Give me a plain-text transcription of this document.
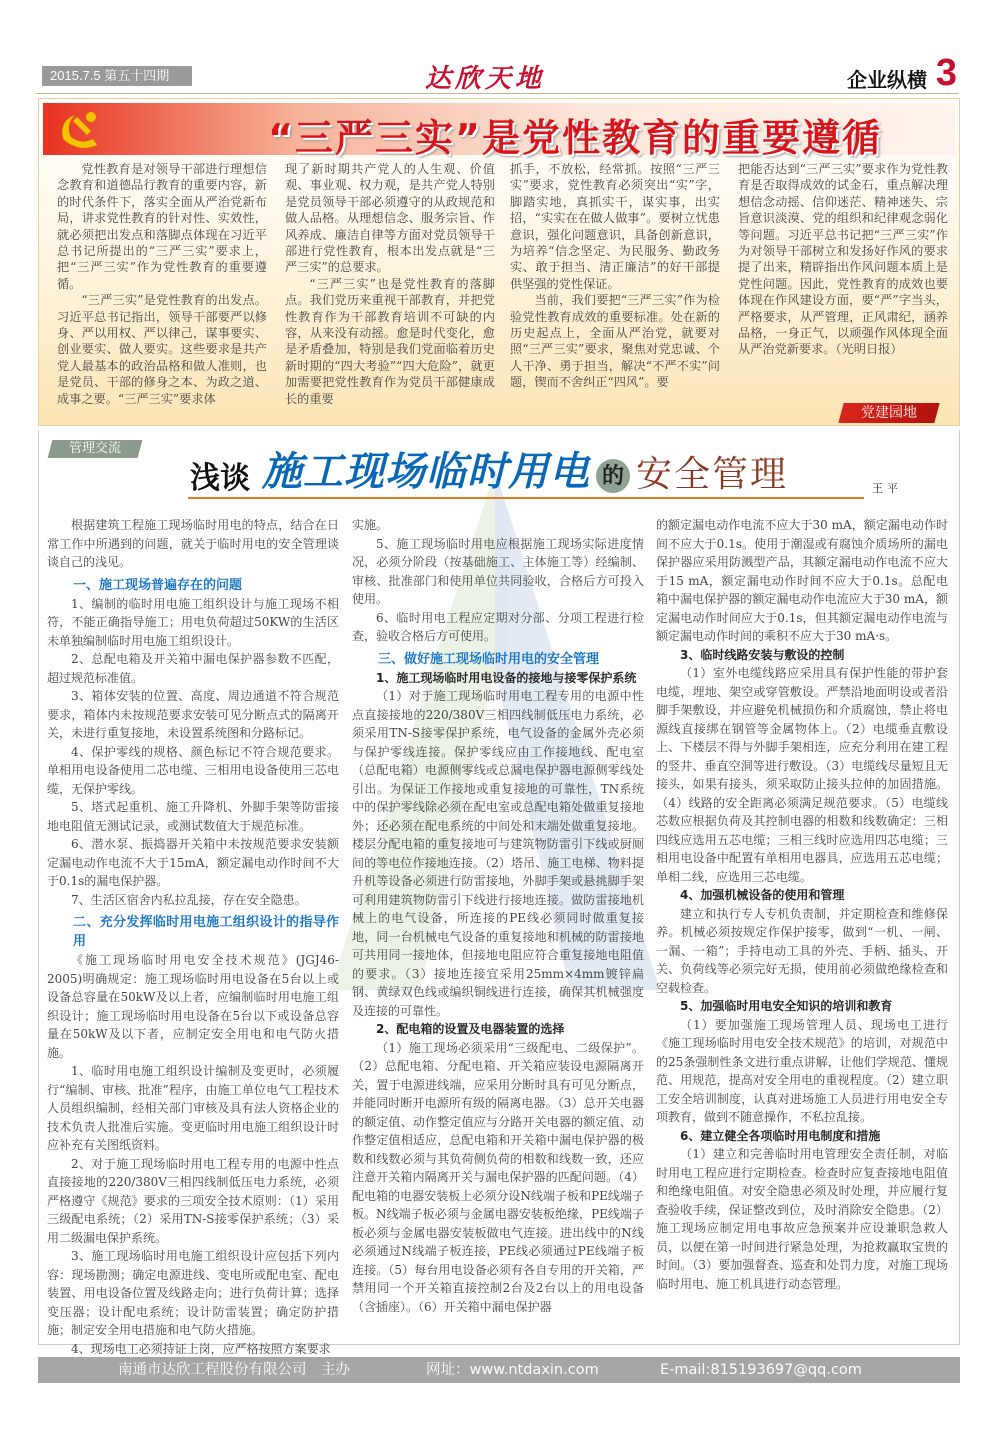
2015.7.5 第五十四期	达欣天地	企业纵横 3
“三严三实”是党性教育的重要遵循

党性教育是对领导干部进行理想信念教育和道德品行教育的重要内容，新的时代条件下，落实全面从严治党新布局，讲求党性教育的针对性、实效性，就必须把出发点和落脚点体现在习近平总书记所提出的“三严三实”要求上，把“三严三实”作为党性教育的重要遵循。

“三严三实”是党性教育的出发点。习近平总书记指出，领导干部要严以修身、严以用权、严以律己，谋事要实、创业要实、做人要实。这些要求是共产党人最基本的政治品格和做人准则，也是党员、干部的修身之本、为政之道、成事之要。“三严三实”要求体

现了新时期共产党人的人生观、价值观、事业观、权力观，是共产党人特别是党员领导干部必须遵守的从政规范和做人品格。从理想信念、服务宗旨、作风养成、廉洁自律等方面对党员领导干部进行党性教育，根本出发点就是“三严三实”的总要求。

“三严三实”也是党性教育的落脚点。我们党历来重视干部教育，并把党性教育作为干部教育培训不可缺的内容，从来没有动摇。愈是时代变化，愈是矛盾叠加，特别是我们党面临着历史新时期的“四大考验”“四大危险”，就更加需要把党性教育作为党员干部健康成长的重要

抓手，不放松，经常抓。按照“三严三实”要求，党性教育必须突出“实”字，脚踏实地，真抓实干，谋实事，出实招，“实实在在做人做事”。要树立忧患意识，强化问题意识，具备创新意识，为培养“信念坚定、为民服务、勤政务实、敢于担当、清正廉洁”的好干部提供坚强的党性保证。

当前，我们要把“三严三实”作为检验党性教育成效的重要标准。处在新的历史起点上，全面从严治党，就要对照“三严三实”要求，聚焦对党忠诚、个人干净、勇于担当，解决“不严不实”问题，锲而不舍纠正“四风”。要

把能否达到“三严三实”要求作为党性教育是否取得成效的试金石，重点解决理想信念动摇、信仰迷茫、精神迷失、宗旨意识淡漠、党的组织和纪律观念弱化等问题。习近平总书记把“三严三实”作为对领导干部树立和发扬好作风的要求提了出来，精辟指出作风问题本质上是党性问题。因此，党性教育的成效也要体现在作风建设方面，要“严”字当头，严格要求，从严管理，正风肃纪，涵养品格，一身正气，以顽强作风体现全面从严治党新要求。（光明日报）

党建园地
管理交流
浅谈 施工现场临时用电 的 安全管理	王平

根据建筑工程施工现场临时用电的特点，结合在日常工作中所遇到的问题，就关于临时用电的安全管理谈谈自己的浅见。

一、施工现场普遍存在的问题

1、编制的临时用电施工组织设计与施工现场不相符，不能正确指导施工；用电负荷超过50KW的生活区未单独编制临时用电施工组织设计。

2、总配电箱及开关箱中漏电保护器参数不匹配，超过规范标准值。

3、箱体安装的位置、高度、周边通道不符合规范要求，箱体内未按规范要求安装可见分断点式的隔离开关，未进行重复接地，未设置系统图和分路标记。

4、保护零线的规格、颜色标记不符合规范要求。单相用电设备使用二芯电缆、三相用电设备使用三芯电缆，无保护零线。

5、塔式起重机、施工升降机、外脚手架等防雷接地电阻值无测试记录，或测试数值大于规范标准。

6、潜水泵、振捣器开关箱中未按规范要求安装额定漏电动作电流不大于15mA，额定漏电动作时间不大于0.1s的漏电保护器。

7、生活区宿舍内私拉乱接，存在安全隐患。

二、充分发挥临时用电施工组织设计的指导作用

《施工现场临时用电安全技术规范》(JGJ46-2005)明确规定：施工现场临时用电设备在5台以上或设备总容量在50kW及以上者，应编制临时用电施工组织设计；施工现场临时用电设备在5台以下或设备总容量在50kW及以下者，应制定安全用电和电气防火措施。

1、临时用电施工组织设计编制及变更时，必须履行“编制、审核、批准”程序，由施工单位电气工程技术人员组织编制，经相关部门审核及具有法人资格企业的技术负责人批准后实施。变更临时用电施工组织设计时应补充有关图纸资料。

2、对于施工现场临时用电工程专用的电源中性点直接接地的220/380V三相四线制低压电力系统，必须严格遵守《规范》要求的三项安全技术原则：（1）采用三级配电系统；（2）采用TN-S接零保护系统；（3）采用二级漏电保护系统。

3、施工现场临时用电施工组织设计应包括下列内容：现场勘测；确定电源进线、变电所或配电室、配电装置、用电设备位置及线路走向；进行负荷计算；选择变压器；设计配电系统；设计防雷装置；确定防护措施；制定安全用电措施和电气防火措施。

4、现场电工必须持证上岗，应严格按照方案要求

实施。

5、施工现场临时用电应根据施工现场实际进度情况，必须分阶段（按基础施工、主体施工等）经编制、审核、批准部门和使用单位共同验收，合格后方可投入使用。

6、临时用电工程应定期对分部、分项工程进行检查，验收合格后方可使用。

三、做好施工现场临时用电的安全管理
1、施工现场临时用电设备的接地与接零保护系统

（1）对于施工现场临时用电工程专用的电源中性点直接接地的220/380V三相四线制低压电力系统，必须采用TN-S接零保护系统，电气设备的金属外壳必须与保护零线连接。保护零线应由工作接地线、配电室（总配电箱）电源侧零线或总漏电保护器电源侧零线处引出。为保证工作接地或重复接地的可靠性，TN系统中的保护零线除必须在配电室或总配电箱处做重复接地外；还必须在配电系统的中间处和末端处做重复接地。楼层分配电箱的重复接地可与建筑物防雷引下线或厨厕间的等电位作接地连接。（2）塔吊、施工电梯、物料提升机等设备必须进行防雷接地，外脚手架或悬挑脚手架可利用建筑物防雷引下线进行接地连接。做防雷接地机械上的电气设备，所连接的PE线必须同时做重复接地，同一台机械电气设备的重复接地和机械的防雷接地可共用同一接地体，但接地电阻应符合重复接地电阻值的要求。（3）接地连接宜采用25mm×4mm镀锌扁钢、黄绿双色线或编织铜线进行连接，确保其机械强度及连接的可靠性。

2、配电箱的设置及电器装置的选择

（1）施工现场必须采用“三级配电、二级保护”。（2）总配电箱、分配电箱、开关箱应装设电源隔离开关，置于电源进线端，应采用分断时具有可见分断点，并能同时断开电源所有级的隔离电器。（3）总开关电器的额定值、动作整定值应与分路开关电器的额定值、动作整定值相适应，总配电箱和开关箱中漏电保护器的极数和线数必须与其负荷侧负荷的相数和线数一致，还应注意开关箱内隔离开关与漏电保护器的匹配问题。（4）配电箱的电器安装板上必须分设N线端子板和PE线端子板。N线端子板必须与金属电器安装板绝缘，PE线端子板必须与金属电器安装板做电气连接。进出线中的N线必须通过N线端子板连接，PE线必须通过PE线端子板连接。（5）每台用电设备必须有各自专用的开关箱，严禁用同一个开关箱直接控制2台及2台以上的用电设备（含插座）。（6）开关箱中漏电保护器

的额定漏电动作电流不应大于30 mA，额定漏电动作时间不应大于0.1s。使用于潮湿或有腐蚀介质场所的漏电保护器应采用防溅型产品，其额定漏电动作电流不应大于15 mA，额定漏电动作时间不应大于0.1s。总配电箱中漏电保护器的额定漏电动作电流应大于30 mA，额定漏电动作时间应大于0.1s，但其额定漏电动作电流与额定漏电动作时间的乘积不应大于30 mA·s。

3、临时线路安装与敷设的控制

（1）室外电缆线路应采用具有保护性能的带护套电缆，埋地、架空或穿管敷设。严禁沿地面明设或者沿脚手架敷设，并应避免机械损伤和介质腐蚀，禁止将电源线直接绑在钢管等金属物体上。（2）电缆垂直敷设上、下楼层不得与外脚手架相连，应充分利用在建工程的竖井、垂直空洞等进行敷设。（3）电缆线尽量短且无接头，如果有接头，须采取防止接头拉伸的加固措施。（4）线路的安全距离必须满足规范要求。（5）电缆线芯数应根据负荷及其控制电器的相数和线数确定：三相四线应选用五芯电缆；三相三线时应选用四芯电缆；三相用电设备中配置有单相用电器具，应选用五芯电缆；单相二线，应选用三芯电缆。

4、加强机械设备的使用和管理

建立和执行专人专机负责制，并定期检查和维修保养。机械必须按规定作保护接零，做到“一机、一闸、一漏、一箱”；手持电动工具的外壳、手柄、插头、开关、负荷线等必须完好无损，使用前必须做绝缘检查和空载检查。

5、加强临时用电安全知识的培训和教育

（1）要加强施工现场管理人员、现场电工进行《施工现场临时用电安全技术规范》的培训，对规范中的25条强制性条文进行重点讲解，让他们学规范、懂规范、用规范，提高对安全用电的重视程度。（2）建立职工安全培训制度，认真对进场施工人员进行用电安全专项教育，做到不随意操作，不私拉乱接。

6、建立健全各项临时用电制度和措施

（1）建立和完善临时用电管理安全责任制，对临时用电工程应进行定期检查。检查时应复查接地电阻值和绝缘电阻值。对安全隐患必须及时处理，并应履行复查验收手续，保证整改到位，及时消除安全隐患。（2）施工现场应制定用电事故应急预案并应设兼职急救人员，以便在第一时间进行紧急处理，为抢救赢取宝贵的时间。（3）要加强督查、巡查和处罚力度，对施工现场临时用电、施工机具进行动态管理。

南通市达欣工程股份有限公司　主办	网址：www.ntdaxin.com	E-mail:815193697@qq.com
